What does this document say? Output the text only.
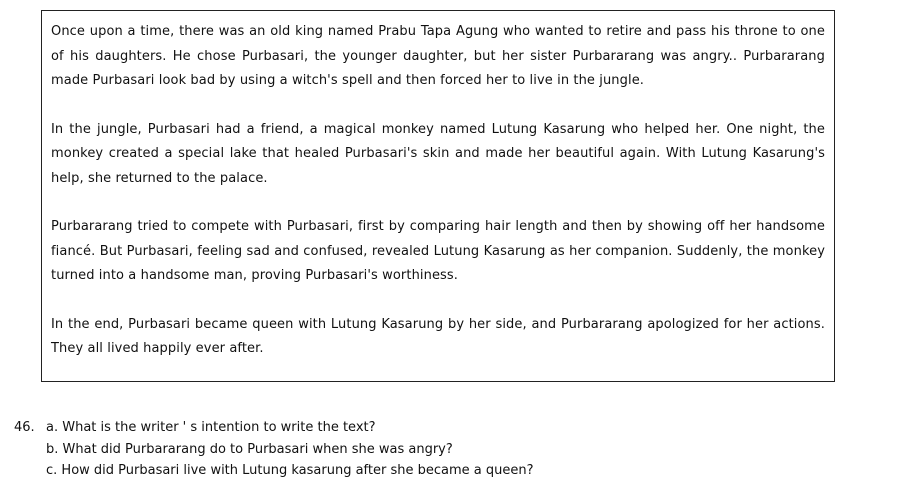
Once upon a time, there was an old king named Prabu Tapa Agung who wanted to retire and pass his throne to one of his daughters. He chose Purbasari, the younger daughter, but her sister Purbararang was angry.. Purbararang made Purbasari look bad by using a witch's spell and then forced her to live in the jungle.

In the jungle, Purbasari had a friend, a magical monkey named Lutung Kasarung who helped her. One night, the monkey created a special lake that healed Purbasari's skin and made her beautiful again. With Lutung Kasarung's help, she returned to the palace.

Purbararang tried to compete with Purbasari, first by comparing hair length and then by showing off her handsome fiancé. But Purbasari, feeling sad and confused, revealed Lutung Kasarung as her companion. Suddenly, the monkey turned into a handsome man, proving Purbasari's worthiness.

In the end, Purbasari became queen with Lutung Kasarung by her side, and Purbararang apologized for her actions. They all lived happily ever after.

46. a. What is the writer ' s intention to write the text?
b. What did Purbararang do to Purbasari when she was angry?
c. How did Purbasari live with Lutung kasarung after she became a queen?
